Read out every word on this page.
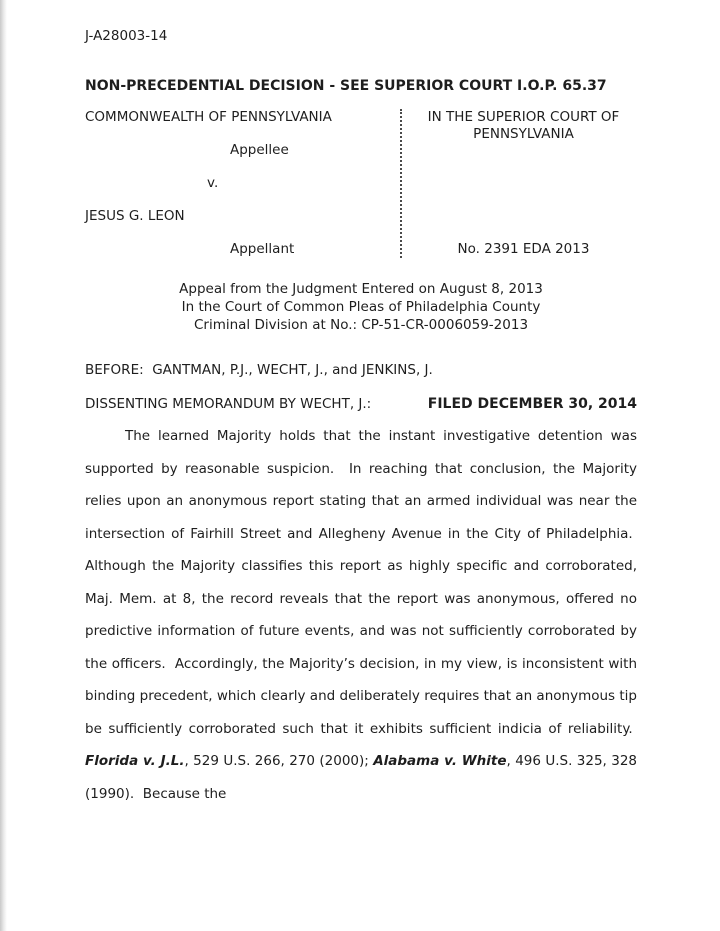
J-A28003-14
NON-PRECEDENTIAL DECISION - SEE SUPERIOR COURT I.O.P. 65.37
COMMONWEALTH OF PENNSYLVANIA
Appellee
v.
JESUS G. LEON
Appellant
IN THE SUPERIOR COURT OF
PENNSYLVANIA
No. 2391 EDA 2013
Appeal from the Judgment Entered on August 8, 2013
In the Court of Common Pleas of Philadelphia County
Criminal Division at No.: CP-51-CR-0006059-2013
BEFORE:  GANTMAN, P.J., WECHT, J., and JENKINS, J.
DISSENTING MEMORANDUM BY WECHT, J.:	FILED DECEMBER 30, 2014

The learned Majority holds that the instant investigative detention was supported by reasonable suspicion.  In reaching that conclusion, the Majority relies upon an anonymous report stating that an armed individual was near the intersection of Fairhill Street and Allegheny Avenue in the City of Philadelphia.  Although the Majority classifies this report as highly specific and corroborated, Maj. Mem. at 8, the record reveals that the report was anonymous, offered no predictive information of future events, and was not sufficiently corroborated by the officers.  Accordingly, the Majority’s decision, in my view, is inconsistent with binding precedent, which clearly and deliberately requires that an anonymous tip be sufficiently corroborated such that it exhibits sufficient indicia of reliability.  Florida v. J.L., 529 U.S. 266, 270 (2000); Alabama v. White, 496 U.S. 325, 328 (1990).  Because the
